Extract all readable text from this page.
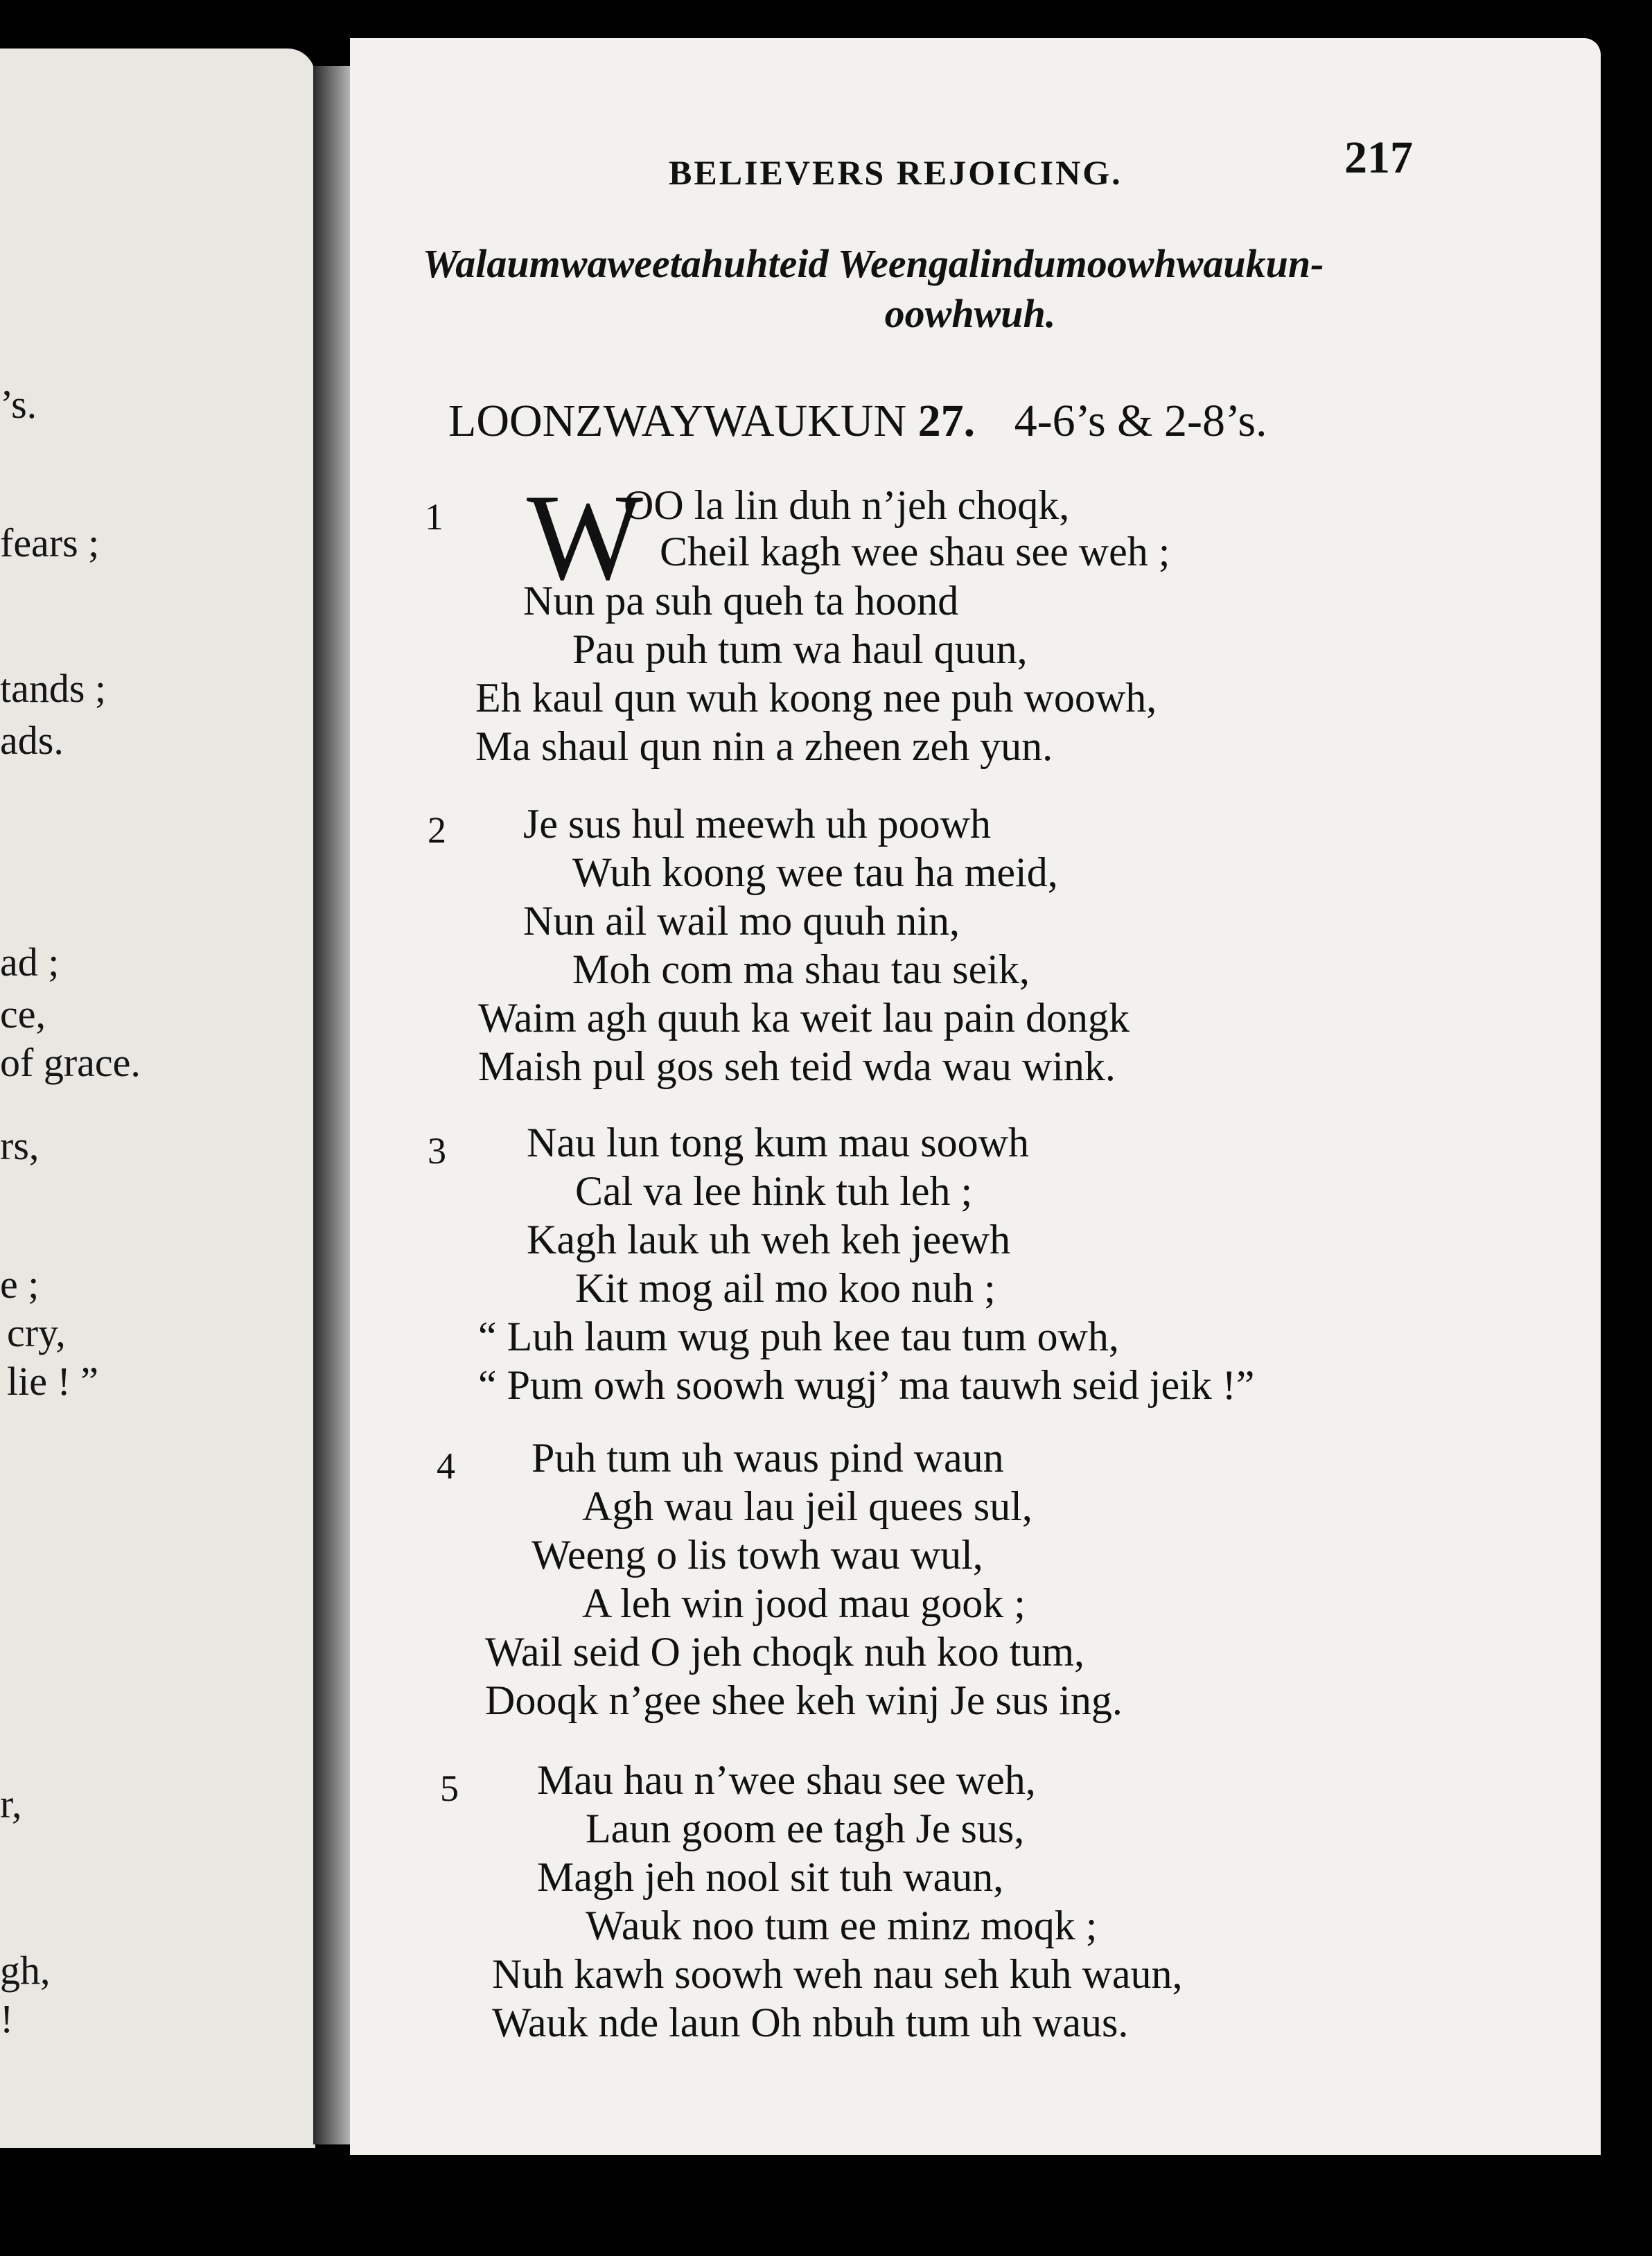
’s.
fears ;
tands ;
ads.
ad ;
ce,
of grace.
rs,
e ;
cry,
lie ! ”
r,
gh,
!
BELIEVERS REJOICING.	217
Walaumwaweetahuhteid Weengalindumoowhwaukun-
oowhwuh.
LOONZWAYWAUKUN 27. 4-6’s & 2-8’s.
1 W
OO la lin duh n’jeh choqk,
Cheil kagh wee shau see weh ;
Nun pa suh queh ta hoond
Pau puh tum wa haul quun,
Eh kaul qun wuh koong nee puh woowh,
Ma shaul qun nin a zheen zeh yun.
2 Je sus hul meewh uh poowh
Wuh koong wee tau ha meid,
Nun ail wail mo quuh nin,
Moh com ma shau tau seik,
Waim agh quuh ka weit lau pain dongk
Maish pul gos seh teid wda wau wink.
3 Nau lun tong kum mau soowh
Cal va lee hink tuh leh ;
Kagh lauk uh weh keh jeewh
Kit mog ail mo koo nuh ;
“ Luh laum wug puh kee tau tum owh,
“ Pum owh soowh wugj’ ma tauwh seid jeik !”
4 Puh tum uh waus pind waun
Agh wau lau jeil quees sul,
Weeng o lis towh wau wul,
A leh win jood mau gook ;
Wail seid O jeh choqk nuh koo tum,
Dooqk n’gee shee keh winj Je sus ing.
5 Mau hau n’wee shau see weh,
Laun goom ee tagh Je sus,
Magh jeh nool sit tuh waun,
Wauk noo tum ee minz moqk ;
Nuh kawh soowh weh nau seh kuh waun,
Wauk nde laun Oh nbuh tum uh waus.
